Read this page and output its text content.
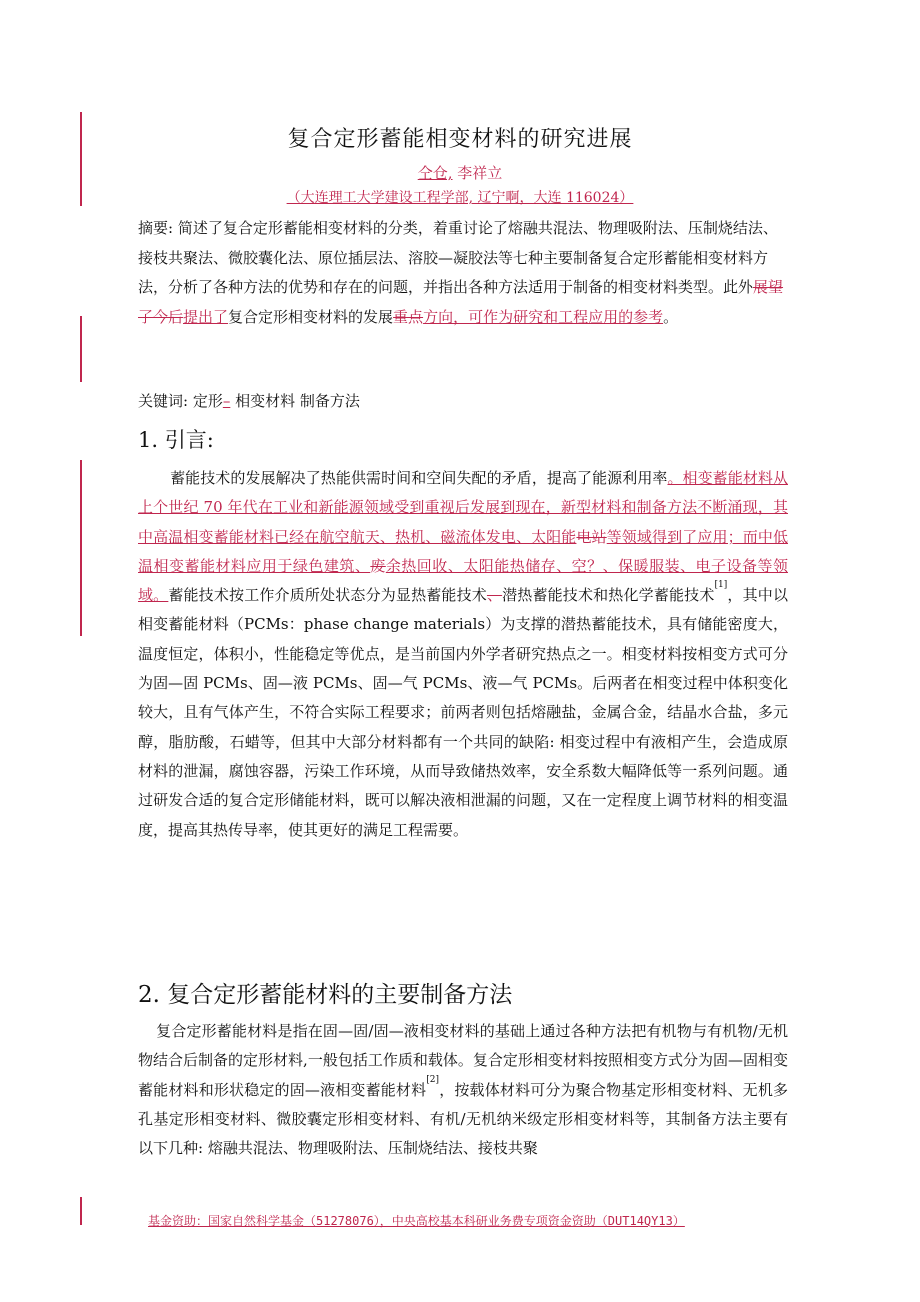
复合定形蓄能相变材料的研究进展
仝仓, 李祥立
（大连理工大学建设工程学部, 辽宁啊，大连 116024）
摘要: 简述了复合定形蓄能相变材料的分类，着重讨论了熔融共混法、物理吸附法、压制烧结法、接枝共聚法、微胶囊化法、原位插层法、溶胶—凝胶法等七种主要制备复合定形蓄能相变材料方法，分析了各种方法的优势和存在的问题，并指出各种方法适用于制备的相变材料类型。此外展望了今后提出了复合定形相变材料的发展重点方向，可作为研究和工程应用的参考。
关键词: 定形– 相变材料 制备方法
1. 引言:
蓄能技术的发展解决了热能供需时间和空间失配的矛盾，提高了能源利用率。相变蓄能材料从上个世纪 70 年代在工业和新能源领域受到重视后发展到现在，新型材料和制备方法不断涌现，其中高温相变蓄能材料已经在航空航天、热机、磁流体发电、太阳能电站等领域得到了应用；而中低温相变蓄能材料应用于绿色建筑、废余热回收、太阳能热储存、空？、保暖服装、电子设备等领域。蓄能技术按工作介质所处状态分为显热蓄能技术、潜热蓄能技术和热化学蓄能技术[1]，其中以相变蓄能材料（PCMs：phase change materials）为支撑的潜热蓄能技术，具有储能密度大，温度恒定，体积小，性能稳定等优点，是当前国内外学者研究热点之一。相变材料按相变方式可分为固—固 PCMs、固—液 PCMs、固—气 PCMs、液—气 PCMs。后两者在相变过程中体积变化较大，且有气体产生，不符合实际工程要求；前两者则包括熔融盐，金属合金，结晶水合盐，多元醇，脂肪酸，石蜡等，但其中大部分材料都有一个共同的缺陷: 相变过程中有液相产生，会造成原材料的泄漏，腐蚀容器，污染工作环境，从而导致储热效率，安全系数大幅降低等一系列问题。通过研发合适的复合定形储能材料，既可以解决液相泄漏的问题，又在一定程度上调节材料的相变温度，提高其热传导率，使其更好的满足工程需要。
2. 复合定形蓄能材料的主要制备方法
复合定形蓄能材料是指在固—固/固—液相变材料的基础上通过各种方法把有机物与有机物/无机物结合后制备的定形材料,一般包括工作质和载体。复合定形相变材料按照相变方式分为固—固相变蓄能材料和形状稳定的固—液相变蓄能材料[2]，按载体材料可分为聚合物基定形相变材料、无机多孔基定形相变材料、微胶囊定形相变材料、有机/无机纳米级定形相变材料等，其制备方法主要有以下几种: 熔融共混法、物理吸附法、压制烧结法、接枝共聚
基金资助：国家自然科学基金（51278076），中央高校基本科研业务费专项资金资助（DUT14QY13）
